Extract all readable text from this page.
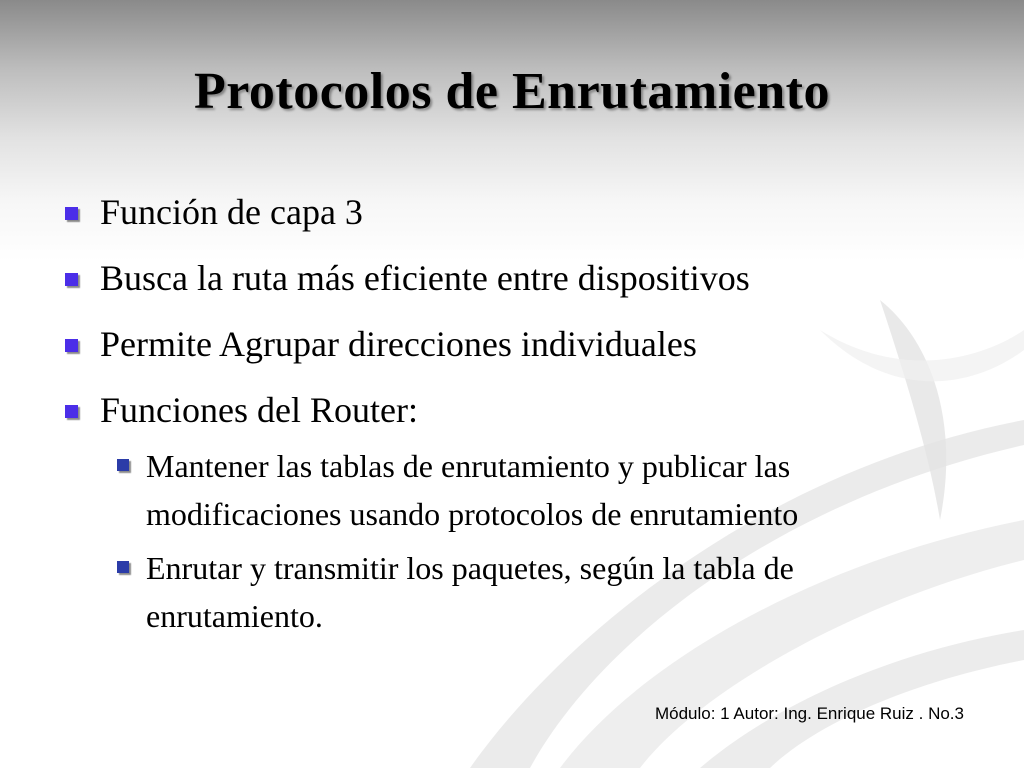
Protocolos de Enrutamiento
Función de capa 3
Busca la ruta más eficiente entre dispositivos
Permite Agrupar direcciones individuales
Funciones del Router:
Mantener las tablas de enrutamiento y publicar las modificaciones usando protocolos de enrutamiento
Enrutar y transmitir los paquetes, según la tabla de enrutamiento.
Módulo: 1 Autor: Ing. Enrique Ruiz . No.3
